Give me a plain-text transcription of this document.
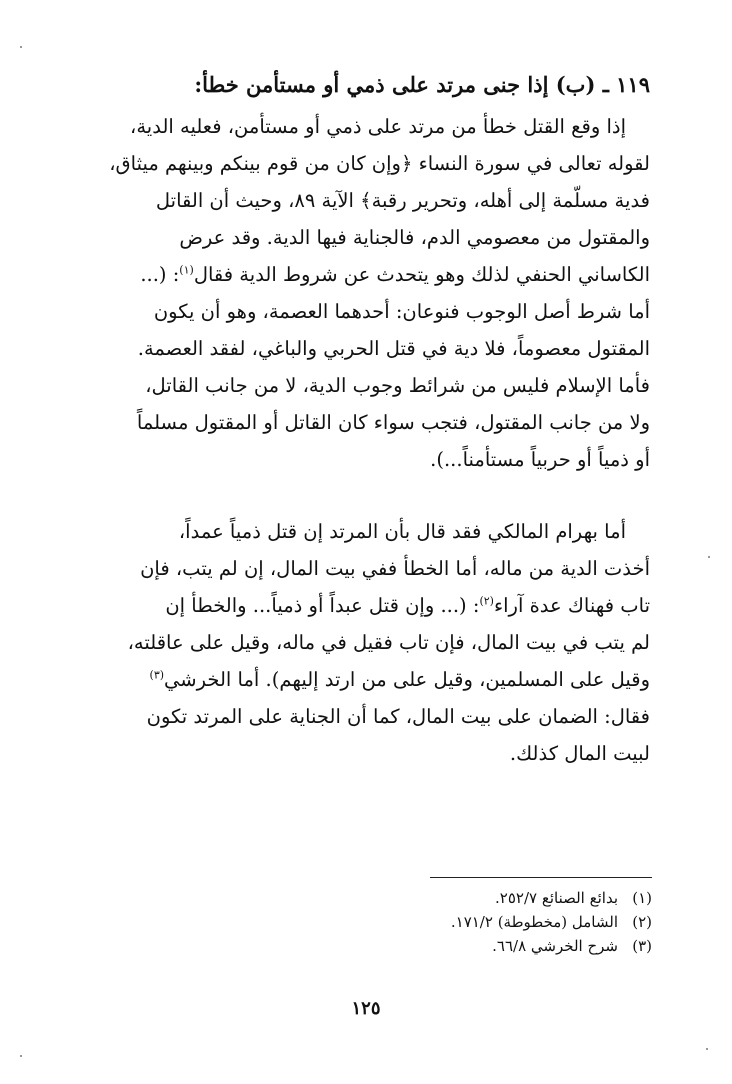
١١٩ ـ (ب) إذا جنى مرتد على ذمي أو مستأمن خطأ:
إذا وقع القتل خطأ من مرتد على ذمي أو مستأمن، فعليه الدية،
لقوله تعالى في سورة النساء ﴿وإن كان من قوم بينكم وبينهم ميثاق،
فدية مسلّمة إلى أهله، وتحرير رقبة﴾ الآية ٨٩، وحيث أن القاتل
والمقتول من معصومي الدم، فالجناية فيها الدية. وقد عرض
الكاساني الحنفي لذلك وهو يتحدث عن شروط الدية فقال$^{(١)}$: (...
أما شرط أصل الوجوب فنوعان: أحدهما العصمة، وهو أن يكون
المقتول معصوماً، فلا دية في قتل الحربي والباغي، لفقد العصمة.
فأما الإسلام فليس من شرائط وجوب الدية، لا من جانب القاتل،
ولا من جانب المقتول، فتجب سواء كان القاتل أو المقتول مسلماً
أو ذمياً أو حربياً مستأمناً...).
أما بهرام المالكي فقد قال بأن المرتد إن قتل ذمياً عمداً،
أخذت الدية من ماله، أما الخطأ ففي بيت المال، إن لم يتب، فإن
تاب فهناك عدة آراء$^{(٢)}$: (... وإن قتل عبداً أو ذمياً... والخطأ إن
لم يتب في بيت المال، فإن تاب فقيل في ماله، وقيل على عاقلته،
وقيل على المسلمين، وقيل على من ارتد إليهم). أما الخرشي$^{(٣)}$
فقال: الضمان على بيت المال، كما أن الجناية على المرتد تكون
لبيت المال كذلك.
(١)بدائع الصنائع ٢٥٢/٧.
(٢)الشامل (مخطوطة) ١٧١/٢.
(٣)شرح الخرشي ٦٦/٨.
١٢٥
